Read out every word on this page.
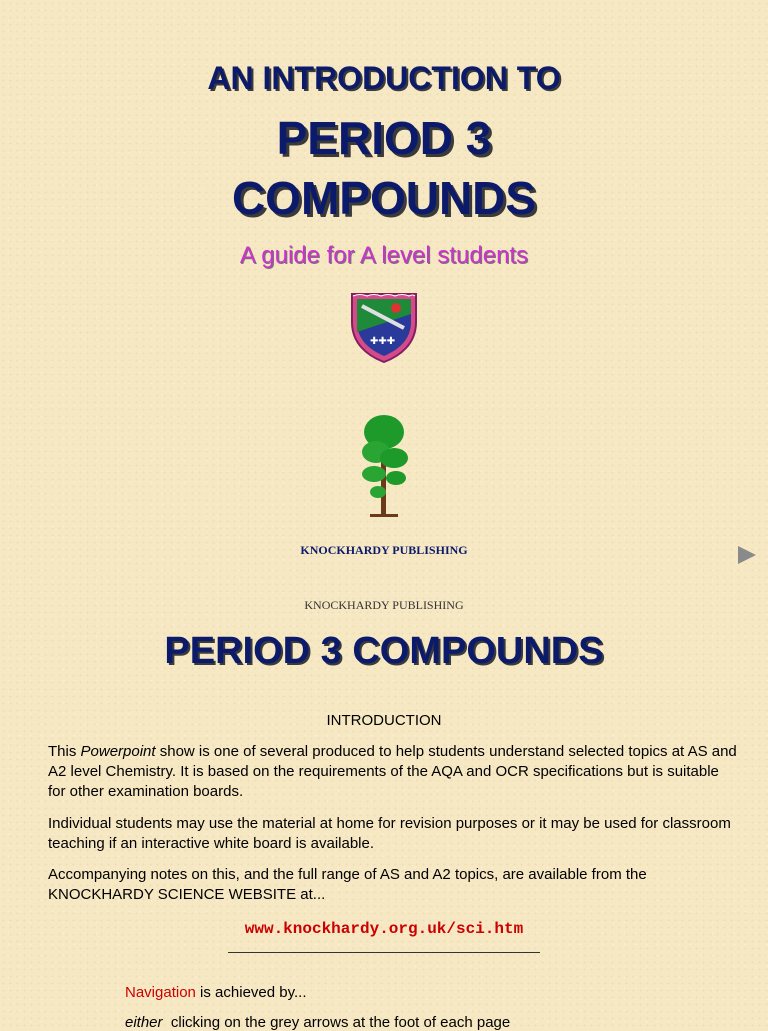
AN INTRODUCTION TO
PERIOD 3
COMPOUNDS
A guide for A level students
✚✚✚
KNOCKHARDY PUBLISHING
KNOCKHARDY PUBLISHING
PERIOD 3 COMPOUNDS
INTRODUCTION
This Powerpoint show is one of several produced to help students understand selected topics at AS and A2 level Chemistry. It is based on the requirements of the AQA and OCR specifications but is suitable for other examination boards.
Individual students may use the material at home for revision purposes or it may be used for classroom teaching if an interactive white board is available.
Accompanying notes on this, and the full range of AS and A2 topics, are available from the KNOCKHARDY SCIENCE WEBSITE at...
www.knockhardy.org.uk/sci.htm
Navigation is achieved by...
either  clicking on the grey arrows at the foot of each page
